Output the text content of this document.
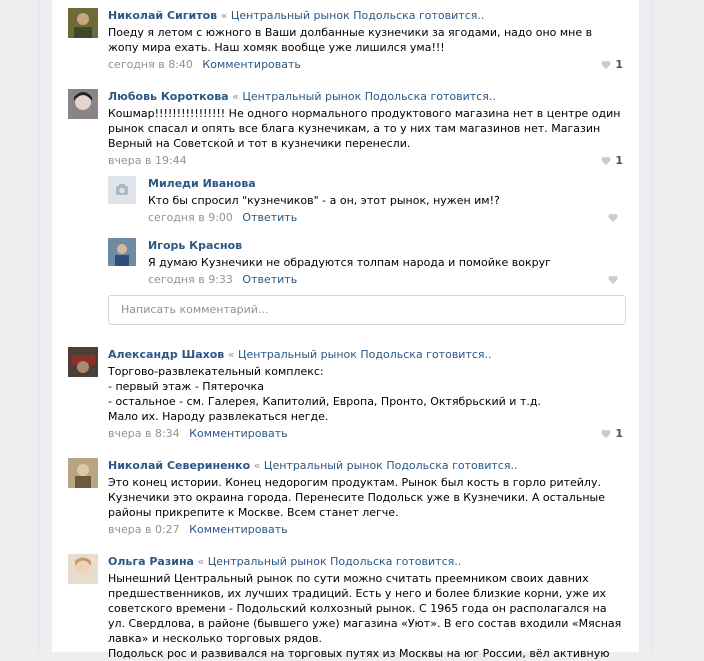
Николай Сигитов « Центральный рынок Подольска готовится..
Поеду я летом с южного в Ваши долбанные кузнечики за ягодами, надо оно мне в жопу мира ехать. Наш хомяк вообще уже лишился ума!!!
сегодня в 8:40 Комментировать	1
Любовь Короткова « Центральный рынок Подольска готовится..
Кошмар!!!!!!!!!!!!!!!! Не одного нормального продуктового магазина нет в центре один рынок спасал и опять все блага кузнечикам, а то у них там магазинов нет. Магазин Верный на Советской и тот в кузнечики перенесли.
вчера в 19:44	1
Миледи Иванова
Кто бы спросил "кузнечиков" - а он, этот рынок, нужен им!?
сегодня в 9:00 Ответить
Игорь Краснов
Я думаю Кузнечики не обрадуются толпам народа и помойке вокруг
сегодня в 9:33 Ответить
Написать комментарий...
Александр Шахов « Центральный рынок Подольска готовится..
Торгово-развлекательный комплекс:
- первый этаж - Пятерочка
- остальное - см. Галерея, Капитолий, Европа, Пронто, Октябрьский и т.д.
Мало их. Народу развлекаться негде.
вчера в 8:34 Комментировать	1
Николай Севериненко « Центральный рынок Подольска готовится..
Это конец истории. Конец недорогим продуктам. Рынок был кость в горло ритейлу. Кузнечики это окраина города. Перенесите Подольск уже в Кузнечики. А остальные районы прикрепите к Москве. Всем станет легче.
вчера в 0:27 Комментировать
Ольга Разина « Центральный рынок Подольска готовится..
Нынешний Центральный рынок по сути можно считать преемником своих давних предшественников, их лучших традиций. Есть у него и более близкие корни, уже их советского времени - Подольский колхозный рынок. С 1965 года он располагался на ул. Свердлова, в районе (бывшего уже) магазина «Уют». В его состав входили «Мясная лавка» и несколько торговых рядов.
Подольск рос и развивался на торговых путях из Москвы на юг России, вёл активную
